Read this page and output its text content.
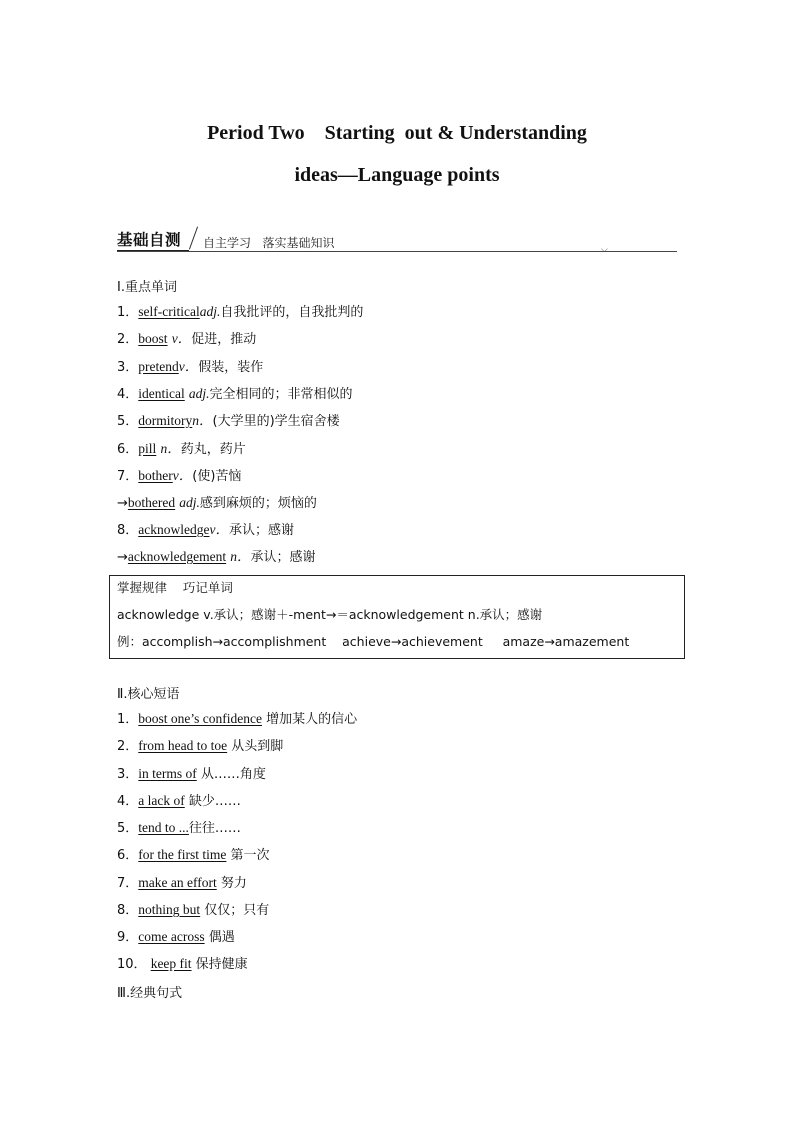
Period Two    Starting  out & Understanding
ideas—Language points
基础自测 自主学习   落实基础知识	⌵
Ⅰ.重点单词
1．self-criticaladj.自我批评的，自我批判的
2．boost v．促进，推动
3．pretendv．假装，装作
4．identical adj.完全相同的；非常相似的
5．dormitoryn．(大学里的)学生宿舍楼
6．pill n．药丸，药片
7．botherv．(使)苦恼
→bothered adj.感到麻烦的；烦恼的
8．acknowledgev．承认；感谢
→acknowledgement n．承认；感谢
掌握规律    巧记单词
acknowledge v.承认；感谢＋-ment→＝acknowledgement n.承认；感谢
例：accomplish→accomplishment    achieve→achievement     amaze→amazement
Ⅱ.核心短语
1．boost one’s confidence 增加某人的信心
2．from head to toe 从头到脚
3．in terms of 从……角度
4．a lack of 缺少……
5．tend to ...往往……
6．for the first time 第一次
7．make an effort 努力
8．nothing but 仅仅；只有
9．come across 偶遇
10． keep fit 保持健康
Ⅲ.经典句式
